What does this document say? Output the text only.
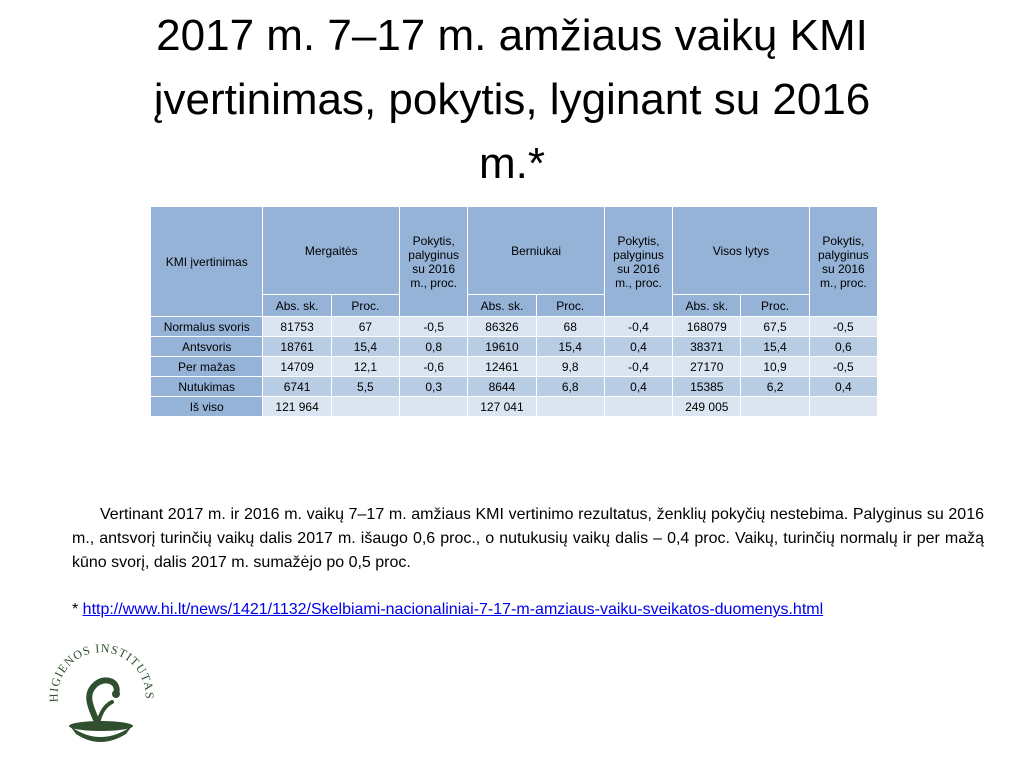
2017 m. 7–17 m. amžiaus vaikų KMI
įvertinimas, pokytis, lyginant su 2016
m.*
KMI įvertinimas	Mergaitės		Pokytis, palyginus su 2016 m., proc.	Berniukai		Pokytis, palyginus su 2016 m., proc.	Visos lytys		Pokytis, palyginus su 2016 m., proc.
	Abs. sk.	Proc.		Abs. sk.	Proc.		Abs. sk.	Proc.	
Normalus svoris	81753	67	-0,5	86326	68	-0,4	168079	67,5	-0,5
Antsvoris	18761	15,4	0,8	19610	15,4	0,4	38371	15,4	0,6
Per mažas	14709	12,1	-0,6	12461	9,8	-0,4	27170	10,9	-0,5
Nutukimas	6741	5,5	0,3	8644	6,8	0,4	15385	6,2	0,4
Iš viso	121 964			127 041			249 005		

Vertinant 2017 m. ir 2016 m. vaikų 7–17 m. amžiaus KMI vertinimo rezultatus, ženklių pokyčių nestebima. Palyginus su 2016 m., antsvorį turinčių vaikų dalis 2017 m. išaugo 0,6 proc., o nutukusių vaikų dalis – 0,4 proc. Vaikų, turinčių normalų ir per mažą kūno svorį, dalis 2017 m. sumažėjo po 0,5 proc.

* http://www.hi.lt/news/1421/1132/Skelbiami-nacionaliniai-7-17-m-amziaus-vaiku-sveikatos-duomenys.html

HIGIENOS INSTITUTAS
